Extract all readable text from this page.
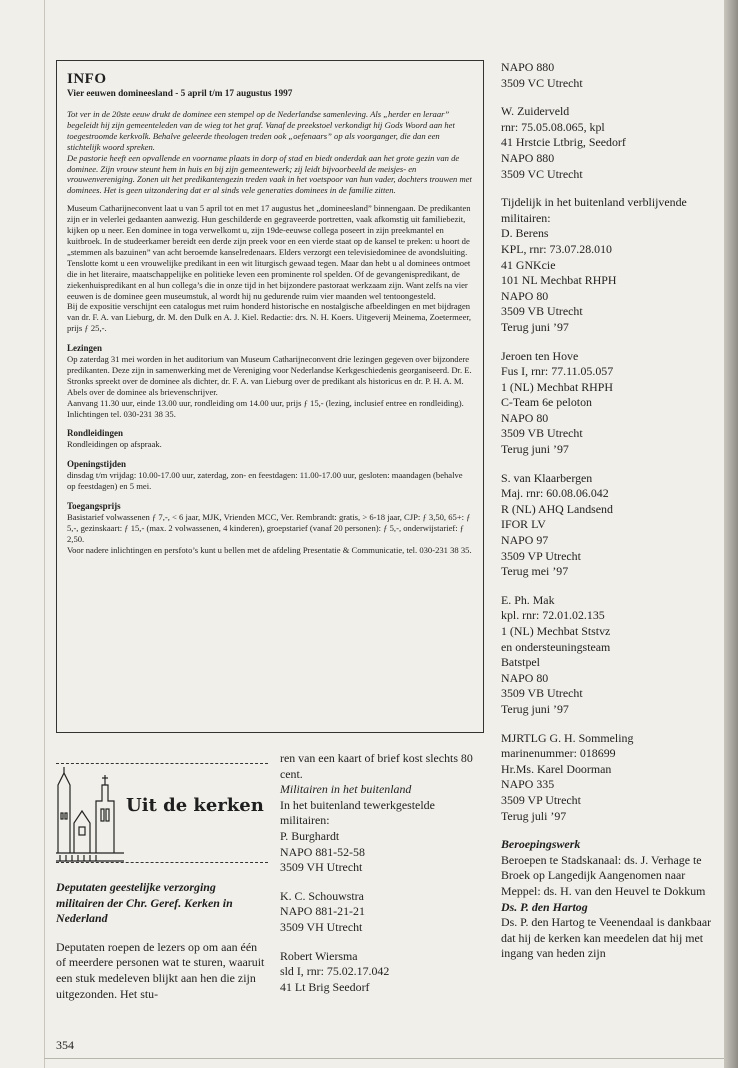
INFO
Vier eeuwen domineesland - 5 april t/m 17 augustus 1997

Tot ver in de 20ste eeuw drukt de dominee een stempel op de Nederlandse samenleving. Als „herder en leraar” begeleidt hij zijn gemeenteleden van de wieg tot het graf. Vanaf de preekstoel verkondigt hij Gods Woord aan het toegestroomde kerkvolk. Behalve geleerde theologen treden ook „oefenaars” op als voorganger, die dan een stichtelijk woord spreken.

De pastorie heeft een opvallende en voorname plaats in dorp of stad en biedt onderdak aan het grote gezin van de dominee. Zijn vrouw steunt hem in huis en bij zijn gemeentewerk; zij leidt bijvoorbeeld de meisjes- en vrouwenvereniging. Zonen uit het predikantengezin treden vaak in het voetspoor van hun vader, dochters trouwen met dominees. Het is geen uitzondering dat er al sinds vele generaties dominees in de familie zitten.

Museum Catharijneconvent laat u van 5 april tot en met 17 augustus het „domineesland” binnengaan. De predikanten zijn er in velerlei gedaanten aanwezig. Hun geschilderde en gegraveerde portretten, vaak afkomstig uit familiebezit, kijken op u neer. Een dominee in toga verwelkomt u, zijn 19de-eeuwse collega poseert in zijn preekmantel en kuitbroek. In de studeerkamer bereidt een derde zijn preek voor en een vierde staat op de kansel te preken: u hoort de „stemmen als bazuinen” van acht beroemde kanselredenaars. Elders verzorgt een televisiedominee de avondsluiting. Tenslotte komt u een vrouwelijke predikant in een wit liturgisch gewaad tegen. Maar dan hebt u al dominees ontmoet die in het literaire, maatschappelijke en politieke leven een prominente rol spelden. Of de gevangenispredikant, de ziekenhuispredikant en al hun collega’s die in onze tijd in het bijzondere pastoraat werkzaam zijn. Want zelfs na vier eeuwen is de dominee geen museumstuk, al wordt hij nu gedurende ruim vier maanden wel tentoongesteld.

Bij de expositie verschijnt een catalogus met ruim honderd historische en nostalgische afbeeldingen en met bijdragen van dr. F. A. van Lieburg, dr. M. den Dulk en A. J. Kiel. Redactie: drs. N. H. Koers. Uitgeverij Meinema, Zoetermeer, prijs ƒ 25,-.

Lezingen

Op zaterdag 31 mei worden in het auditorium van Museum Catharijneconvent drie lezingen gegeven over bijzondere predikanten. Deze zijn in samenwerking met de Vereniging voor Nederlandse Kerkgeschiedenis georganiseerd. Dr. E. Stronks spreekt over de dominee als dichter, dr. F. A. van Lieburg over de predikant als historicus en dr. P. H. A. M. Abels over de dominee als brievenschrijver.

Aanvang 11.30 uur, einde 13.00 uur, rondleiding om 14.00 uur, prijs ƒ 15,- (lezing, inclusief entree en rondleiding). Inlichtingen tel. 030-231 38 35.

Rondleidingen

Rondleidingen op afspraak.

Openingstijden

dinsdag t/m vrijdag: 10.00-17.00 uur, zaterdag, zon- en feestdagen: 11.00-17.00 uur, gesloten: maandagen (behalve op feestdagen) en 5 mei.

Toegangsprijs

Basistarief volwassenen ƒ 7,-, < 6 jaar, MJK, Vrienden MCC, Ver. Rembrandt: gratis, > 6-18 jaar, CJP: ƒ 3,50, 65+: ƒ 5,-, gezinskaart: ƒ 15,- (max. 2 volwassenen, 4 kinderen), groepstarief (vanaf 20 personen): ƒ 5,-, onderwijstarief: ƒ 2,50.

Voor nadere inlichtingen en persfoto’s kunt u bellen met de afdeling Presentatie & Communicatie, tel. 030-231 38 35.

Uit de kerken
Deputaten geestelijke verzorging militairen der Chr. Geref. Kerken in Nederland

Deputaten roepen de lezers op om aan één of meerdere personen wat te sturen, waaruit een stuk medeleven blijkt aan hen die zijn uitgezonden. Het stu-

ren van een kaart of brief kost slechts 80 cent.

Militairen in het buitenland

In het buitenland tewerkgestelde militairen:

P. Burghardt

NAPO 881-52-58

3509 VH Utrecht

K. C. Schouwstra

NAPO 881-21-21

3509 VH Utrecht

Robert Wiersma

sld I, rnr: 75.02.17.042

41 Lt Brig Seedorf

NAPO 880

3509 VC Utrecht

W. Zuiderveld

rnr: 75.05.08.065, kpl

41 Hrstcie Ltbrig, Seedorf

NAPO 880

3509 VC Utrecht

Tijdelijk in het buitenland verblijvende militairen:

D. Berens

KPL, rnr: 73.07.28.010

41 GNKcie

101 NL Mechbat RHPH

NAPO 80

3509 VB Utrecht

Terug juni ’97

Jeroen ten Hove

Fus I, rnr: 77.11.05.057

1 (NL) Mechbat RHPH

C-Team 6e peloton

NAPO 80

3509 VB Utrecht

Terug juni ’97

S. van Klaarbergen

Maj. rnr: 60.08.06.042

R (NL) AHQ Landsend

IFOR LV

NAPO 97

3509 VP Utrecht

Terug mei ’97

E. Ph. Mak

kpl. rnr: 72.01.02.135

1 (NL) Mechbat Ststvz

en ondersteuningsteam

Batstpel

NAPO 80

3509 VB Utrecht

Terug juni ’97

MJRTLG G. H. Sommeling

marinenummer: 018699

Hr.Ms. Karel Doorman

NAPO 335

3509 VP Utrecht

Terug juli ’97

Beroepingswerk

Beroepen te Stadskanaal: ds. J. Verhage te Broek op Langedijk Aangenomen naar Meppel: ds. H. van den Heuvel te Dokkum

Ds. P. den Hartog

Ds. P. den Hartog te Veenendaal is dankbaar dat hij de kerken kan meedelen dat hij met ingang van heden zijn

354
